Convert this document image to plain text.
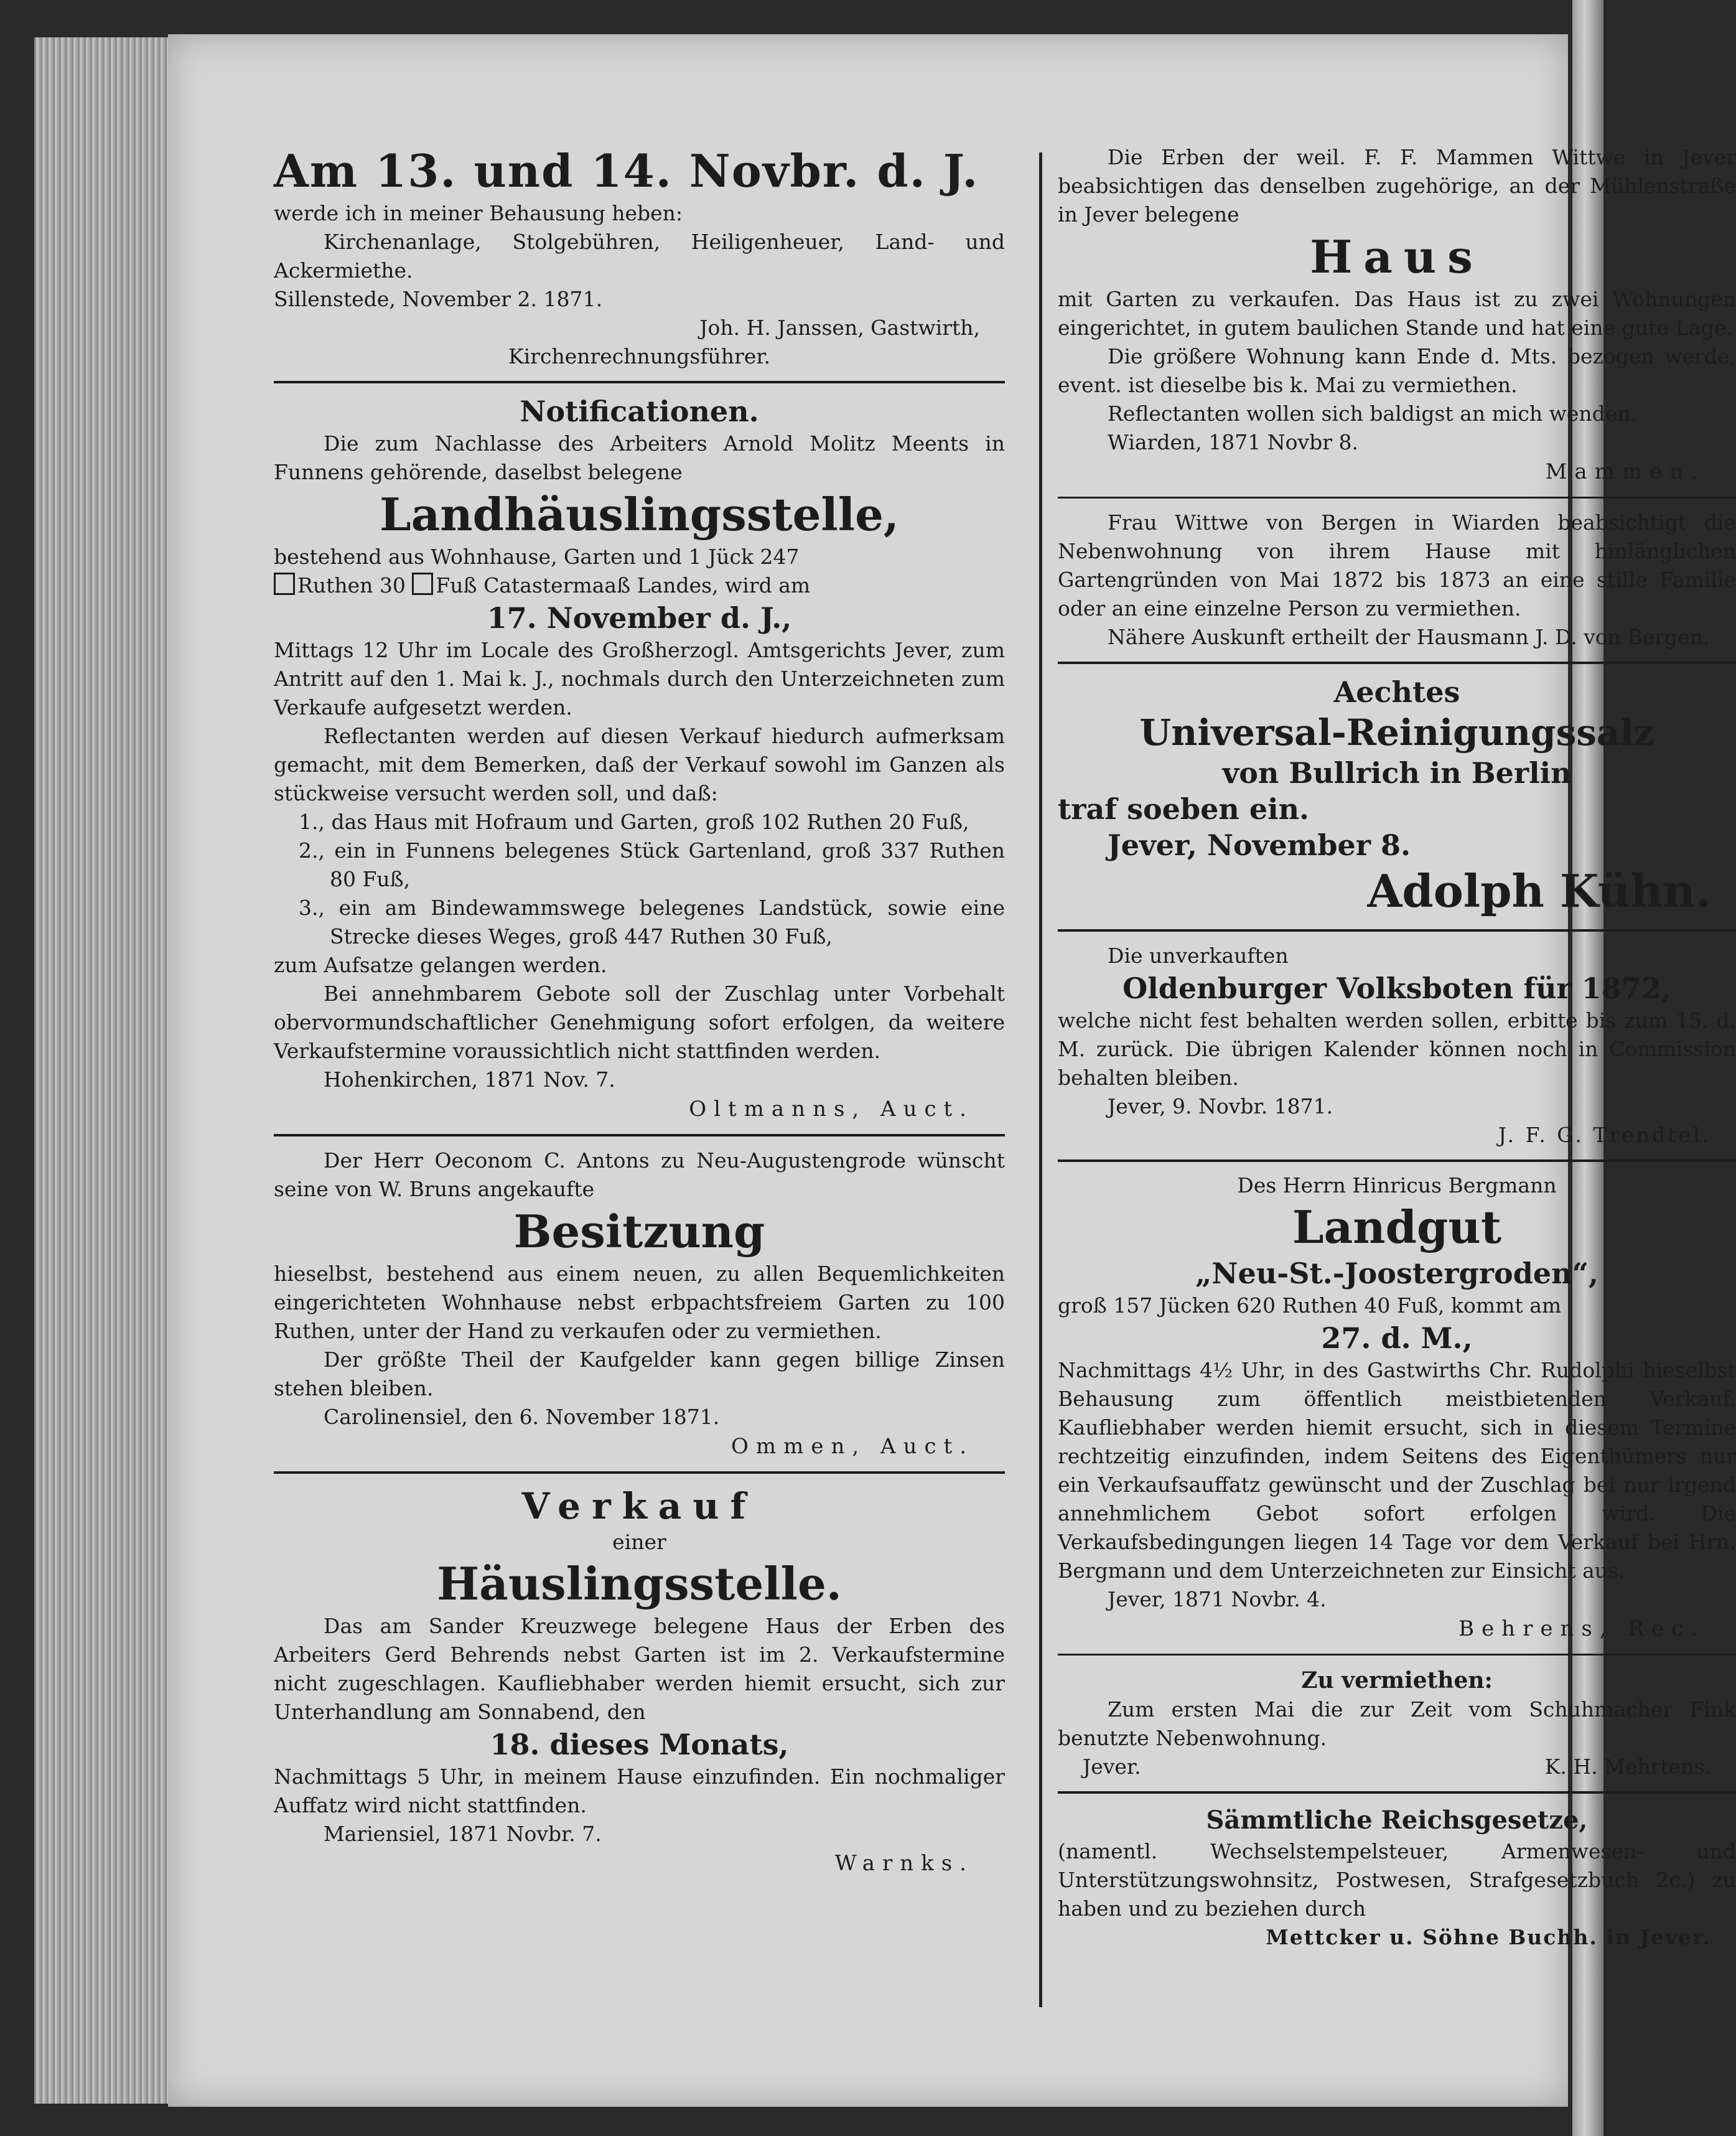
Am 13. und 14. Novbr. d. J.

werde ich in meiner Behausung heben:

Kirchenanlage, Stolgebühren, Heiligenheuer, Land- und Ackermiethe.

Sillenstede, November 2. 1871.

Joh. H. Janssen, Gastwirth,

Kirchenrechnungsführer.

Notificationen.

Die zum Nachlasse des Arbeiters Arnold Molitz Meents in Funnens gehörende, daselbst belegene

Landhäuslingsstelle,

bestehend aus Wohnhause, Garten und 1 Jück 247

Ruthen 30 Fuß Catastermaaß Landes, wird am

17. November d. J.,

Mittags 12 Uhr im Locale des Großherzogl. Amtsgerichts Jever, zum Antritt auf den 1. Mai k. J., nochmals durch den Unterzeichneten zum Verkaufe aufgesetzt werden.

Reflectanten werden auf diesen Verkauf hiedurch aufmerksam gemacht, mit dem Bemerken, daß der Verkauf sowohl im Ganzen als stückweise versucht werden soll, und daß:

1., das Haus mit Hofraum und Garten, groß 102 Ruthen 20 Fuß,

2., ein in Funnens belegenes Stück Gartenland, groß 337 Ruthen 80 Fuß,

3., ein am Bindewammswege belegenes Landstück, sowie eine Strecke dieses Weges, groß 447 Ruthen 30 Fuß,

zum Aufsatze gelangen werden.

Bei annehmbarem Gebote soll der Zuschlag unter Vorbehalt obervormundschaftlicher Genehmigung sofort erfolgen, da weitere Verkaufstermine voraussichtlich nicht stattfinden werden.

Hohenkirchen, 1871 Nov. 7.

Oltmanns, Auct.

Der Herr Oeconom C. Antons zu Neu-Augustengrode wünscht seine von W. Bruns angekaufte

Besitzung

hieselbst, bestehend aus einem neuen, zu allen Bequemlichkeiten eingerichteten Wohnhause nebst erbpachtsfreiem Garten zu 100 Ruthen, unter der Hand zu verkaufen oder zu vermiethen.

Der größte Theil der Kaufgelder kann gegen billige Zinsen stehen bleiben.

Carolinensiel, den 6. November 1871.

Ommen, Auct.

Verkauf

einer

Häuslingsstelle.

Das am Sander Kreuzwege belegene Haus der Erben des Arbeiters Gerd Behrends nebst Garten ist im 2. Verkaufstermine nicht zugeschlagen. Kaufliebhaber werden hiemit ersucht, sich zur Unterhandlung am Sonnabend, den

18. dieses Monats,

Nachmittags 5 Uhr, in meinem Hause einzufinden. Ein nochmaliger Auffatz wird nicht stattfinden.

Mariensiel, 1871 Novbr. 7.

Warnks.

Die Erben der weil. F. F. Mammen Wittwe in Jever beabsichtigen das denselben zugehörige, an der Mühlenstraße in Jever belegene

Haus

mit Garten zu verkaufen. Das Haus ist zu zwei Wohnungen eingerichtet, in gutem baulichen Stande und hat eine gute Lage.

Die größere Wohnung kann Ende d. Mts. bezogen werde, event. ist dieselbe bis k. Mai zu vermiethen.

Reflectanten wollen sich baldigst an mich wenden.

Wiarden, 1871 Novbr 8.

Mammen.

Frau Wittwe von Bergen in Wiarden beabsichtigt die Nebenwohnung von ihrem Hause mit hinlänglichen Gartengründen von Mai 1872 bis 1873 an eine stille Familie oder an eine einzelne Person zu vermiethen.

Nähere Auskunft ertheilt der Hausmann J. D. von Bergen.

Aechtes

Universal-Reinigungssalz

von Bullrich in Berlin

traf soeben ein.

Jever, November 8.

Adolph Kühn.

Die unverkauften

Oldenburger Volksboten für 1872,

welche nicht fest behalten werden sollen, erbitte bis zum 15. d. M. zurück. Die übrigen Kalender können noch in Commission behalten bleiben.

Jever, 9. Novbr. 1871.

J. F. G. Trendtel.

Des Herrn Hinricus Bergmann

Landgut

„Neu-St.-Joostergroden“,

groß 157 Jücken 620 Ruthen 40 Fuß, kommt am

27. d. M.,

Nachmittags 4½ Uhr, in des Gastwirths Chr. Rudolphi hieselbst Behausung zum öffentlich meistbietenden Verkauf. Kaufliebhaber werden hiemit ersucht, sich in diesem Termine rechtzeitig einzufinden, indem Seitens des Eigenthümers nur ein Verkaufsauffatz gewünscht und der Zuschlag bei nur irgend annehmlichem Gebot sofort erfolgen wird. Die Verkaufsbedingungen liegen 14 Tage vor dem Verkauf bei Hrn. Bergmann und dem Unterzeichneten zur Einsicht aus.

Jever, 1871 Novbr. 4.

Behrens, Rec.

Zu vermiethen:

Zum ersten Mai die zur Zeit vom Schuhmacher Fink benutzte Nebenwohnung.

Jever.	K. H. Mehrtens.

Sämmtliche Reichsgesetze,

(namentl. Wechselstempelsteuer, Armenwesen- und Unterstützungswohnsitz, Postwesen, Strafgesetzbuch 2c.) zu haben und zu beziehen durch

Mettcker u. Söhne Buchh. in Jever.
